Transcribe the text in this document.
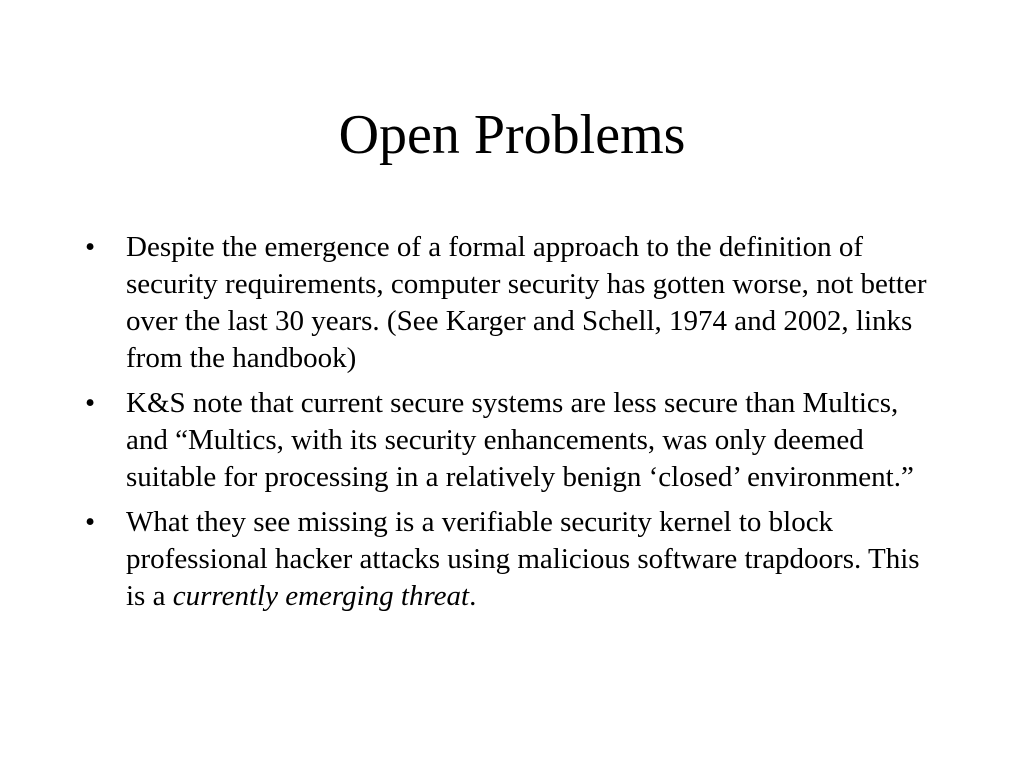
Open Problems
•	Despite the emergence of a formal approach to the definition of security requirements, computer security has gotten worse, not better over the last 30 years. (See Karger and Schell, 1974 and 2002, links from the handbook)
•	K&S note that current secure systems are less secure than Multics, and “Multics, with its security enhancements, was only deemed suitable for processing in a relatively benign ‘closed’ environment.”
•	What they see missing is a verifiable security kernel to block professional hacker attacks using malicious software trapdoors. This is a currently emerging threat.
